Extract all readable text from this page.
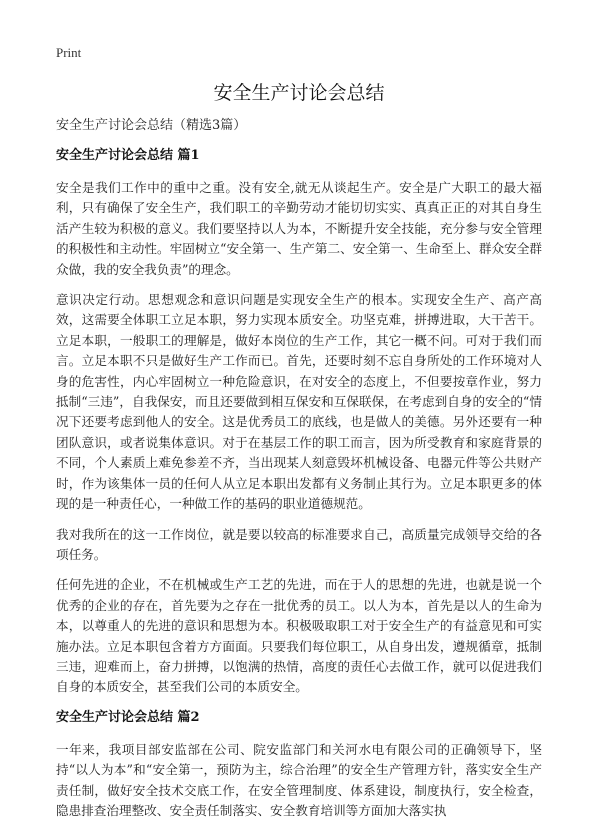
Print
安全生产讨论会总结
安全生产讨论会总结（精选3篇）
安全生产讨论会总结 篇1

安全是我们工作中的重中之重。没有安全,就无从谈起生产。安全是广大职工的最大福利，只有确保了安全生产，我们职工的辛勤劳动才能切切实实、真真正正的对其自身生活产生较为积极的意义。我们要坚持以人为本，不断提升安全技能，充分参与安全管理的积极性和主动性。牢固树立“安全第一、生产第二、安全第一、生命至上、群众安全群众做，我的安全我负责”的理念。

意识决定行动。思想观念和意识问题是实现安全生产的根本。实现安全生产、高产高效，这需要全体职工立足本职，努力实现本质安全。功坚克难，拼搏进取，大干苦干。立足本职，一般职工的理解是，做好本岗位的生产工作，其它一概不问。可对于我们而言。立足本职不只是做好生产工作而已。首先，还要时刻不忘自身所处的工作环境对人身的危害性，内心牢固树立一种危险意识，在对安全的态度上，不但要按章作业，努力抵制“三违”，自我保安，而且还要做到相互保安和互保联保，在考虑到自身的安全的“情况下还要考虑到他人的安全。这是优秀员工的底线，也是做人的美德。另外还要有一种团队意识，或者说集体意识。对于在基层工作的职工而言，因为所受教育和家庭背景的不同，个人素质上难免参差不齐，当出现某人刻意毁坏机械设备、电器元件等公共财产时，作为该集体一员的任何人从立足本职出发都有义务制止其行为。立足本职更多的体现的是一种责任心，一种做工作的基码的职业道德规范。

我对我所在的这一工作岗位，就是要以较高的标准要求自己，高质量完成领导交给的各项任务。

任何先进的企业，不在机械或生产工艺的先进，而在于人的思想的先进，也就是说一个优秀的企业的存在，首先要为之存在一批优秀的员工。以人为本，首先是以人的生命为本，以尊重人的先进的意识和思想为本。积极吸取职工对于安全生产的有益意见和可实施办法。立足本职包含着方方面面。只要我们每位职工，从自身出发，遵规循章，抵制三违，迎难而上，奋力拼搏，以饱满的热情，高度的责任心去做工作，就可以促进我们自身的本质安全，甚至我们公司的本质安全。

安全生产讨论会总结 篇2

一年来，我项目部安监部在公司、院安监部门和关河水电有限公司的正确领导下，坚持“以人为本”和“安全第一，预防为主，综合治理”的安全生产管理方针，落实安全生产责任制，做好安全技术交底工作，在安全管理制度、体系建设，制度执行，安全检查，隐患排查治理整改、安全责任制落实、安全教育培训等方面加大落实执
